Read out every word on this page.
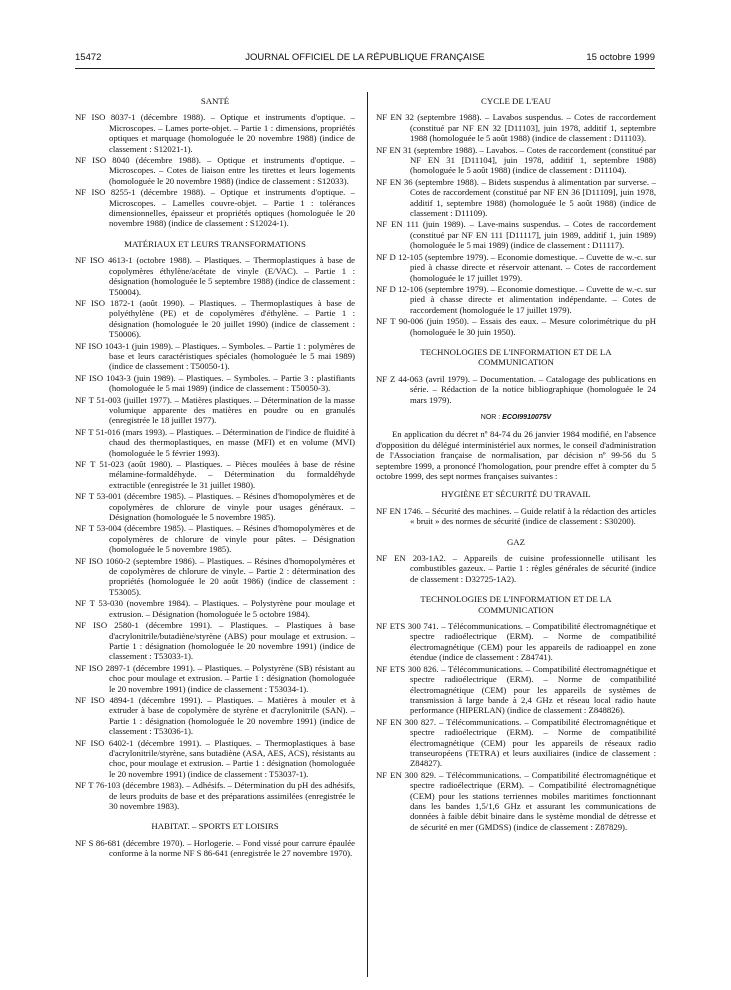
15472	JOURNAL OFFICIEL DE LA RÉPUBLIQUE FRANÇAISE	15 octobre 1999
SANTÉ

NF ISO 8037-1 (décembre 1988). – Optique et instruments d'optique. – Microscopes. – Lames porte-objet. – Partie 1 : dimensions, propriétés optiques et marquage (homologuée le 20 novembre 1988) (indice de classement : S12021-1).

NF ISO 8040 (décembre 1988). – Optique et instruments d'optique. – Microscopes. – Cotes de liaison entre les tirettes et leurs logements (homologuée le 20 novembre 1988) (indice de classement : S12033).

NF ISO 8255-1 (décembre 1988). – Optique et instruments d'optique. – Microscopes. – Lamelles couvre-objet. – Partie 1 : tolérances dimensionnelles, épaisseur et propriétés optiques (homologuée le 20 novembre 1988) (indice de classement : S12024-1).

MATÉRIAUX ET LEURS TRANSFORMATIONS

NF ISO 4613-1 (octobre 1988). – Plastiques. – Thermoplastiques à base de copolymères éthylène/acétate de vinyle (E/VAC). – Partie 1 : désignation (homologuée le 5 septembre 1988) (indice de classement : T50004).

NF ISO 1872-1 (août 1990). – Plastiques. – Thermoplastiques à base de polyéthylène (PE) et de copolymères d'éthylène. – Partie 1 : désignation (homologuée le 20 juillet 1990) (indice de classement : T50006).

NF ISO 1043-1 (juin 1989). – Plastiques. – Symboles. – Partie 1 : polymères de base et leurs caractéristiques spéciales (homologuée le 5 mai 1989) (indice de classement : T50050-1).

NF ISO 1043-3 (juin 1989). – Plastiques. – Symboles. – Partie 3 : plastifiants (homologuée le 5 mai 1989) (indice de classement : T50050-3).

NF T 51-003 (juillet 1977). – Matières plastiques. – Détermination de la masse volumique apparente des matières en poudre ou en granulés (enregistrée le 18 juillet 1977).

NF T 51-016 (mars 1993). – Plastiques. – Détermination de l'indice de fluidité à chaud des thermoplastiques, en masse (MFI) et en volume (MVI) (homologuée le 5 février 1993).

NF T 51-023 (août 1980). – Plastiques. – Pièces moulées à base de résine mélamine-formaldéhyde. – Détermination du formaldéhyde extractible (enregistrée le 31 juillet 1980).

NF T 53-001 (décembre 1985). – Plastiques. – Résines d'homopolymères et de copolymères de chlorure de vinyle pour usages généraux. – Désignation (homologuée le 5 novembre 1985).

NF T 53-004 (décembre 1985). – Plastiques. – Résines d'homopolymères et de copolymères de chlorure de vinyle pour pâtes. – Désignation (homologuée le 5 novembre 1985).

NF ISO 1060-2 (septembre 1986). – Plastiques. – Résines d'homopolymères et de copolymères de chlorure de vinyle. – Partie 2 : détermination des propriétés (homologuée le 20 août 1986) (indice de classement : T53005).

NF T 53-030 (novembre 1984). – Plastiques. – Polystyrène pour moulage et extrusion. – Désignation (homologuée le 5 octobre 1984).

NF ISO 2580-1 (décembre 1991). – Plastiques. – Plastiques à base d'acrylonitrile/butadiène/styrène (ABS) pour moulage et extrusion. – Partie 1 : désignation (homologuée le 20 novembre 1991) (indice de classement : T53033-1).

NF ISO 2897-1 (décembre 1991). – Plastiques. – Polystyrène (SB) résistant au choc pour moulage et extrusion. – Partie 1 : désignation (homologuée le 20 novembre 1991) (indice de classement : T53034-1).

NF ISO 4894-1 (décembre 1991). – Plastiques. – Matières à mouler et à extruder à base de copolymère de styrène et d'acrylonitrile (SAN). – Partie 1 : désignation (homologuée le 20 novembre 1991) (indice de classement : T53036-1).

NF ISO 6402-1 (décembre 1991). – Plastiques. – Thermoplastiques à base d'acrylonitrile/styrène, sans butadiène (ASA, AES, ACS), résistants au choc, pour moulage et extrusion. – Partie 1 : désignation (homologuée le 20 novembre 1991) (indice de classement : T53037-1).

NF T 76-103 (décembre 1983). – Adhésifs. – Détermination du pH des adhésifs, de leurs produits de base et des préparations assimilées (enregistrée le 30 novembre 1983).

HABITAT. – SPORTS ET LOISIRS

NF S 86-681 (décembre 1970). – Horlogerie. – Fond vissé pour carrure épaulée conforme à la norme NF S 86-641 (enregistrée le 27 novembre 1970).

CYCLE DE L'EAU

NF EN 32 (septembre 1988). – Lavabos suspendus. – Cotes de raccordement (constitué par NF EN 32 [D11103], juin 1978, additif 1, septembre 1988 (homologuée le 5 août 1988) (indice de classement : D11103).

NF EN 31 (septembre 1988). – Lavabos. – Cotes de raccordement (constitué par NF EN 31 [D11104], juin 1978, additif 1, septembre 1988) (homologuée le 5 août 1988) (indice de classement : D11104).

NF EN 36 (septembre 1988). – Bidets suspendus à alimentation par surverse. – Cotes de raccordement (constitué par NF EN 36 [D11109], juin 1978, additif 1, septembre 1988) (homologuée le 5 août 1988) (indice de classement : D11109).

NF EN 111 (juin 1989). – Lave-mains suspendus. – Cotes de raccordement (constitué par NF EN 111 [D11117], juin 1989, additif 1, juin 1989) (homologuée le 5 mai 1989) (indice de classement : D11117).

NF D 12-105 (septembre 1979). – Economie domestique. – Cuvette de w.-c. sur pied à chasse directe et réservoir attenant. – Cotes de raccordement (homologuée le 17 juillet 1979).

NF D 12-106 (septembre 1979). – Economie domestique. – Cuvette de w.-c. sur pied à chasse directe et alimentation indépendante. – Cotes de raccordement (homologuée le 17 juillet 1979).

NF T 90-006 (juin 1950). – Essais des eaux. – Mesure colorimétrique du pH (homologuée le 30 juin 1950).

TECHNOLOGIES DE L'INFORMATION ET DE LA COMMUNICATION

NF Z 44-063 (avril 1979). – Documentation. – Catalogage des publications en série. – Rédaction de la notice bibliographique (homologuée le 24 mars 1979).

NOR : ECOI9910075V

En application du décret nº 84-74 du 26 janvier 1984 modifié, en l'absence d'opposition du délégué interministériel aux normes, le conseil d'administration de l'Association française de normalisation, par décision nº 99-56 du 5 septembre 1999, a prononcé l'homologation, pour prendre effet à compter du 5 octobre 1999, des sept normes françaises suivantes :

HYGIÈNE ET SÉCURITÉ DU TRAVAIL

NF EN 1746. – Sécurité des machines. – Guide relatif à la rédaction des articles « bruit » des normes de sécurité (indice de classement : S30200).

GAZ

NF EN 203-1A2. – Appareils de cuisine professionnelle utilisant les combustibles gazeux. – Partie 1 : règles générales de sécurité (indice de classement : D32725-1A2).

TECHNOLOGIES DE L'INFORMATION ET DE LA COMMUNICATION

NF ETS 300 741. – Télécommunications. – Compatibilité électromagnétique et spectre radioélectrique (ERM). – Norme de compatibilité électromagnétique (CEM) pour les appareils de radioappel en zone étendue (indice de classement : Z84741).

NF ETS 300 826. – Télécommunications. – Compatibilité électromagnétique et spectre radioélectrique (ERM). – Norme de compatibilité électromagnétique (CEM) pour les appareils de systèmes de transmission à large bande à 2,4 GHz et réseau local radio haute performance (HIPERLAN) (indice de classement : Z848826).

NF EN 300 827. – Télécommunications. – Compatibilité électromagnétique et spectre radioélectrique (ERM). – Norme de compatibilité électromagnétique (CEM) pour les appareils de réseaux radio transeuropéens (TETRA) et leurs auxiliaires (indice de classement : Z84827).

NF EN 300 829. – Télécommunications. – Compatibilité électromagnétique et spectre radioélectrique (ERM). – Compatibilité électromagnétique (CEM) pour les stations terriennes mobiles maritimes fonctionnant dans les bandes 1,5/1,6 GHz et assurant les communications de données à faible débit binaire dans le système mondial de détresse et de sécurité en mer (GMDSS) (indice de classement : Z87829).
